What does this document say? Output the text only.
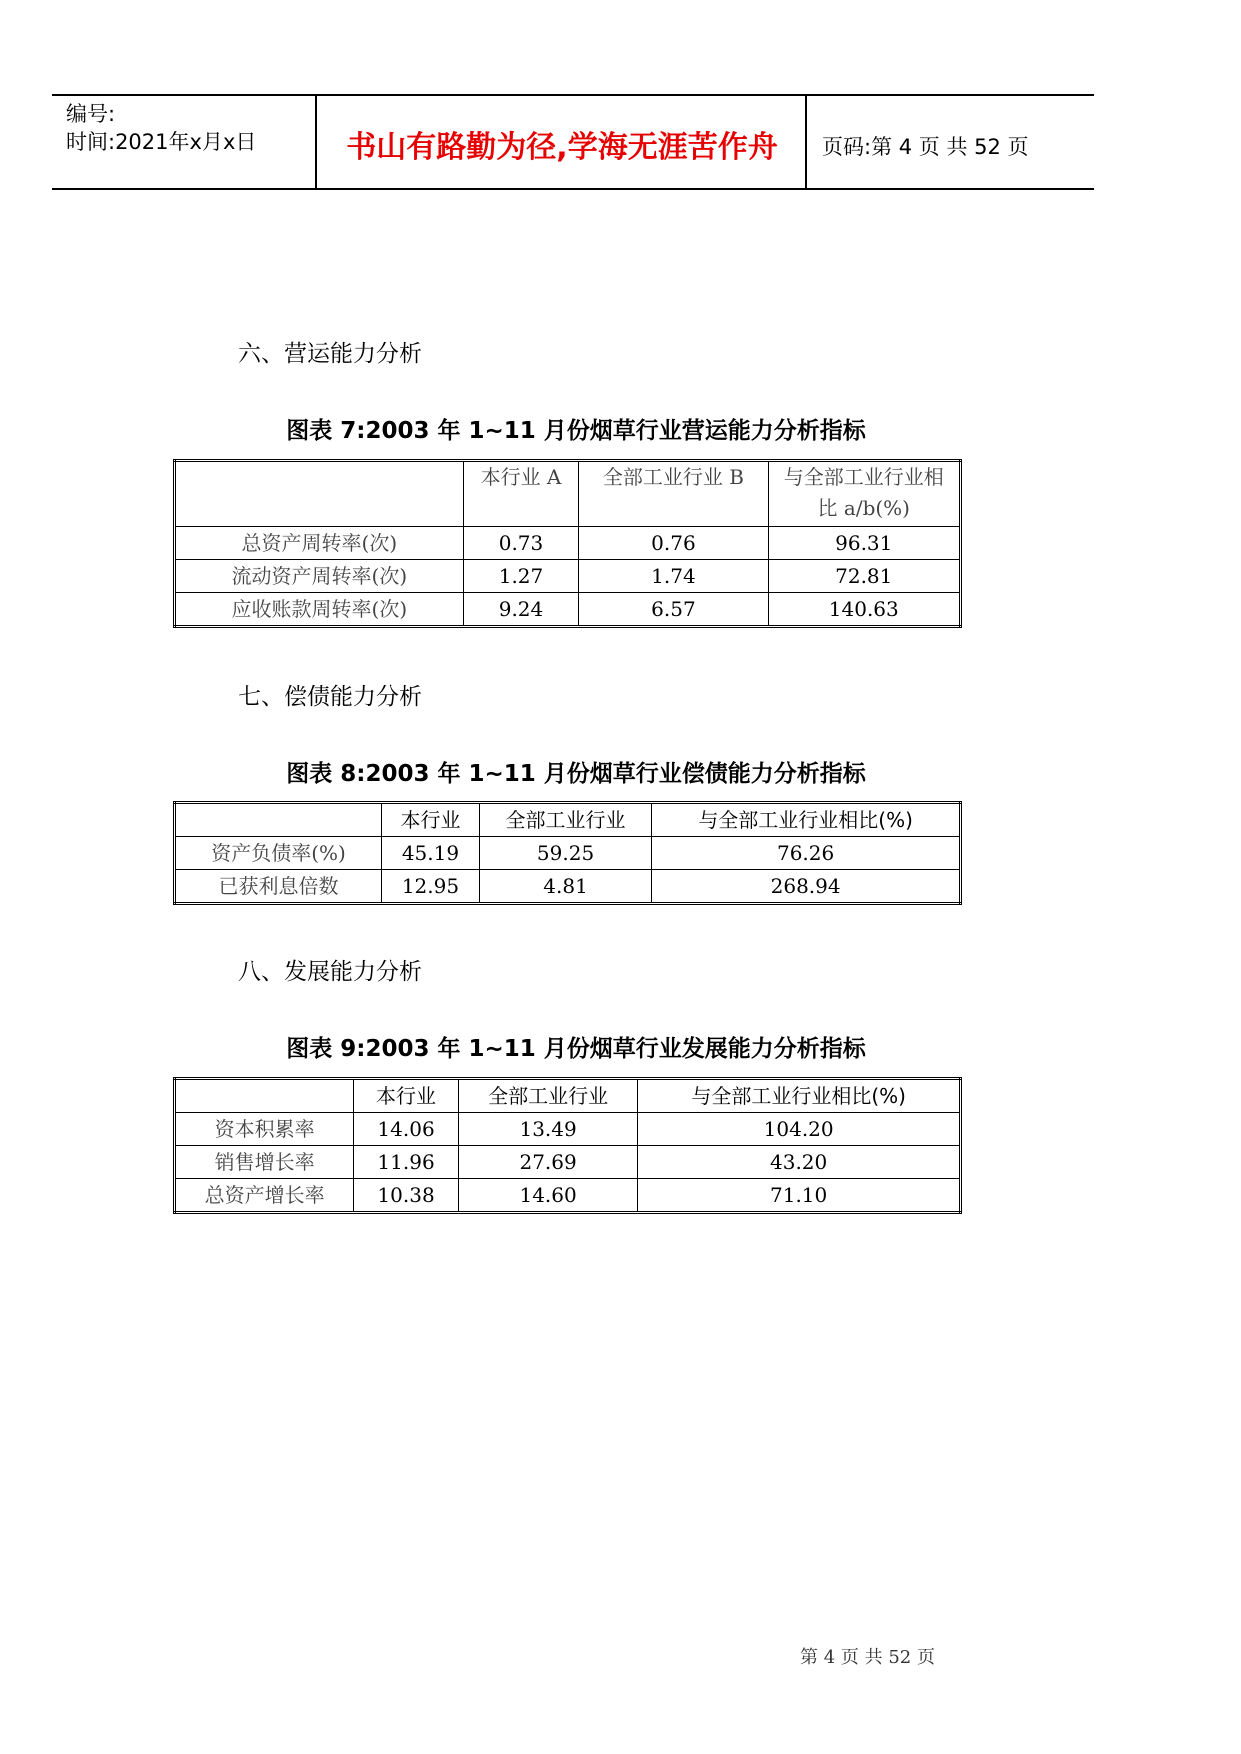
编号:
时间:2021年x月x日	书山有路勤为径,学海无涯苦作舟	页码:第 4 页 共 52 页
六、营运能力分析
图表 7:2003 年 1~11 月份烟草行业营运能力分析指标
	本行业 A	全部工业行业 B	与全部工业行业相比 a/b(%)
总资产周转率(次)	0.73	0.76	96.31
流动资产周转率(次)	1.27	1.74	72.81
应收账款周转率(次)	9.24	6.57	140.63
七、偿债能力分析
图表 8:2003 年 1~11 月份烟草行业偿债能力分析指标
	本行业	全部工业行业	与全部工业行业相比(%)
资产负债率(%)	45.19	59.25	76.26
已获利息倍数	12.95	4.81	268.94
八、发展能力分析
图表 9:2003 年 1~11 月份烟草行业发展能力分析指标
	本行业	全部工业行业	与全部工业行业相比(%)
资本积累率	14.06	13.49	104.20
销售增长率	11.96	27.69	43.20
总资产增长率	10.38	14.60	71.10
第 4 页 共 52 页
